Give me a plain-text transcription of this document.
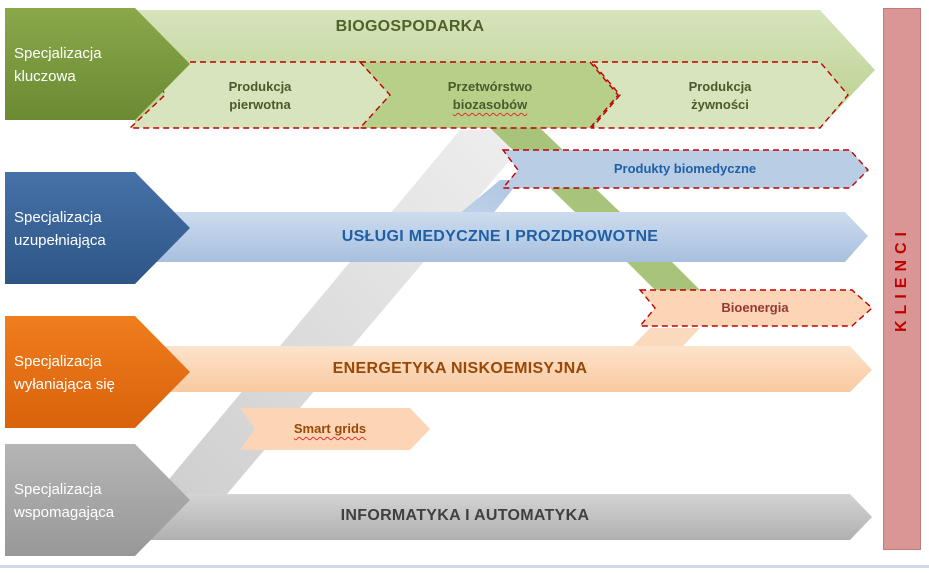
Specjalizacja
kluczowa
Specjalizacja
uzupełniająca
Specjalizacja
wyłaniająca się
Specjalizacja
wspomagająca
BIOGOSPODARKA
USŁUGI MEDYCZNE I PROZDROWOTNE
ENERGETYKA NISKOEMISYJNA
INFORMATYKA I AUTOMATYKA
Produkcja
pierwotna
Przetwórstwo
biozasobów
Produkcja
żywności
Produkty biomedyczne
Bioenergia
Smart grids
KLIENCI
